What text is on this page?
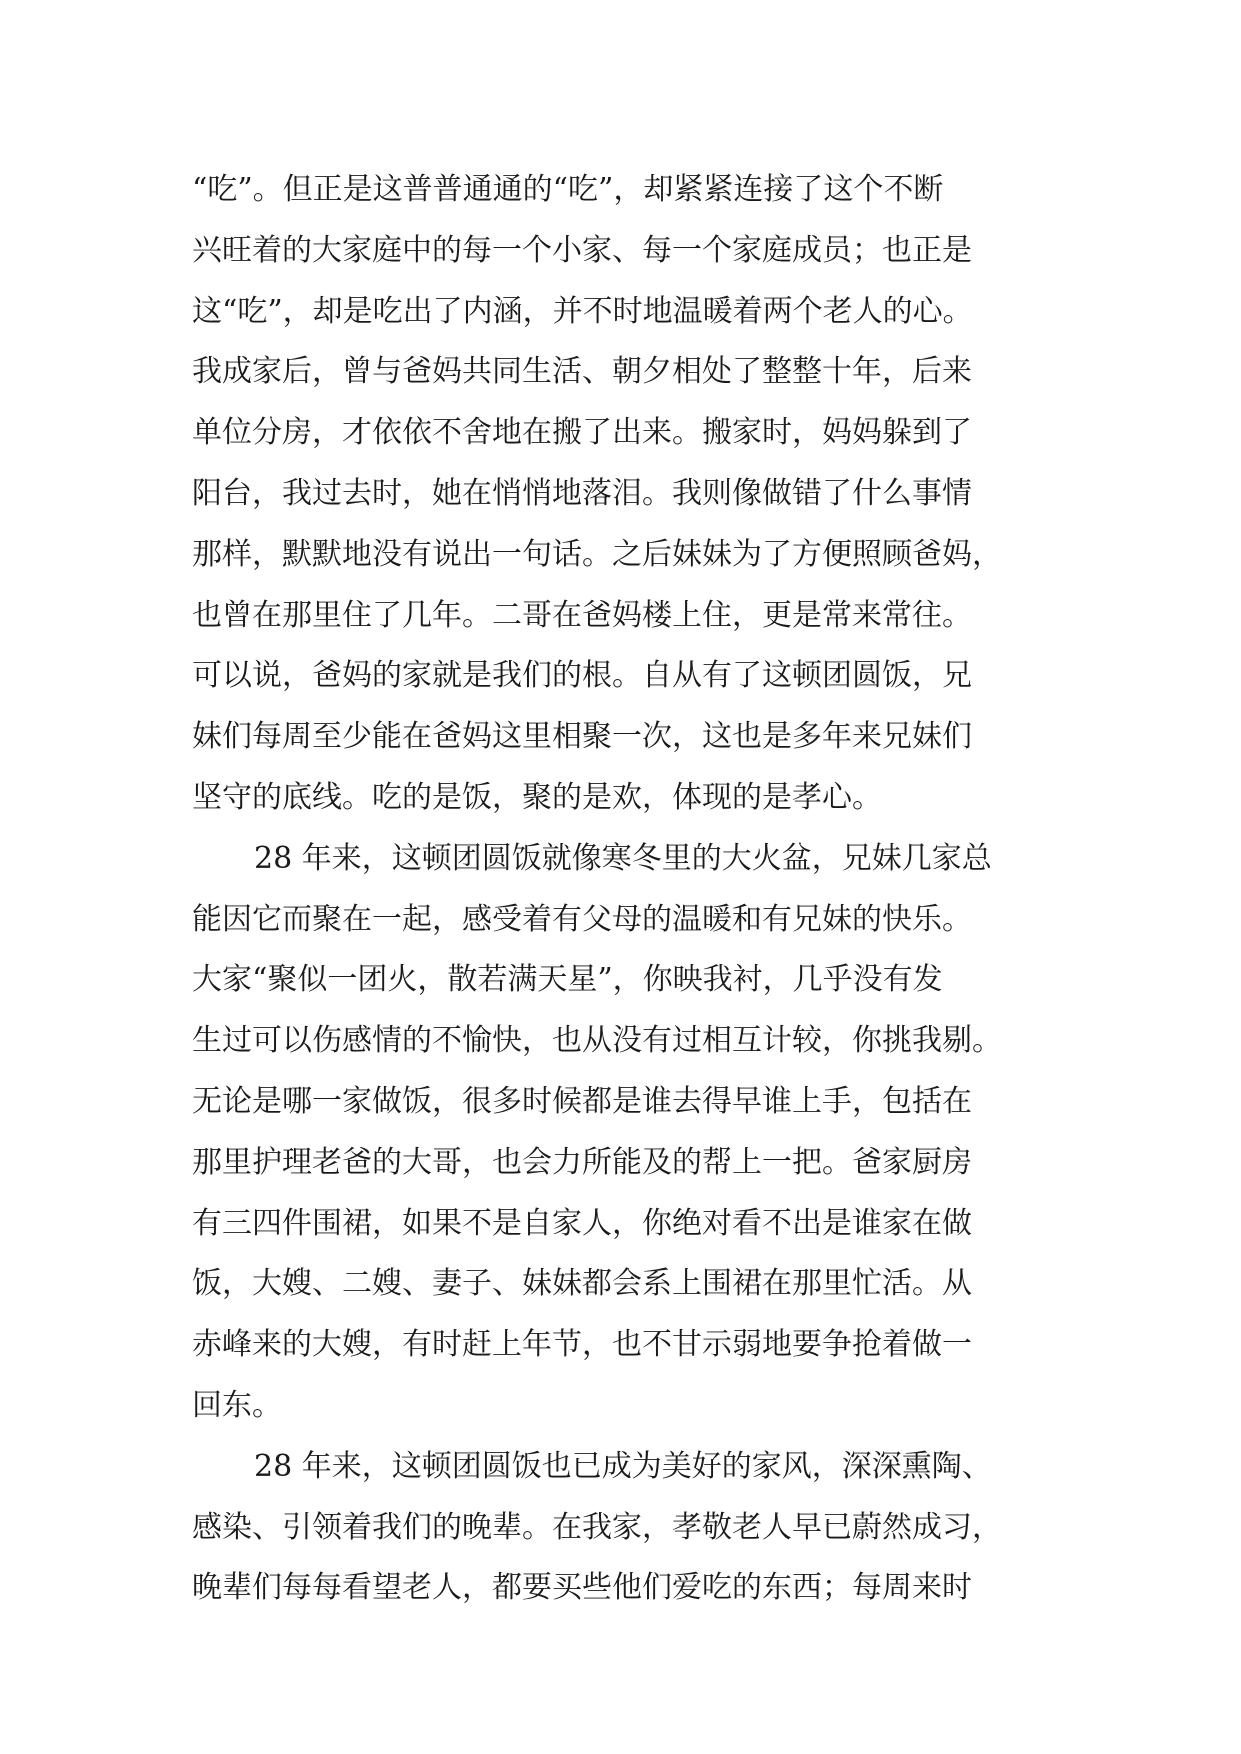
“吃”。但正是这普普通通的“吃”，却紧紧连接了这个不断
兴旺着的大家庭中的每一个小家、每一个家庭成员；也正是
这“吃”，却是吃出了内涵，并不时地温暖着两个老人的心。
我成家后，曾与爸妈共同生活、朝夕相处了整整十年，后来
单位分房，才依依不舍地在搬了出来。搬家时，妈妈躲到了
阳台，我过去时，她在悄悄地落泪。我则像做错了什么事情
那样，默默地没有说出一句话。之后妹妹为了方便照顾爸妈，
也曾在那里住了几年。二哥在爸妈楼上住，更是常来常往。
可以说，爸妈的家就是我们的根。自从有了这顿团圆饭，兄
妹们每周至少能在爸妈这里相聚一次，这也是多年来兄妹们
坚守的底线。吃的是饭，聚的是欢，体现的是孝心。
28 年来，这顿团圆饭就像寒冬里的大火盆，兄妹几家总
能因它而聚在一起，感受着有父母的温暖和有兄妹的快乐。
大家“聚似一团火，散若满天星”，你映我衬，几乎没有发
生过可以伤感情的不愉快，也从没有过相互计较，你挑我剔。
无论是哪一家做饭，很多时候都是谁去得早谁上手，包括在
那里护理老爸的大哥，也会力所能及的帮上一把。爸家厨房
有三四件围裙，如果不是自家人，你绝对看不出是谁家在做
饭，大嫂、二嫂、妻子、妹妹都会系上围裙在那里忙活。从
赤峰来的大嫂，有时赶上年节，也不甘示弱地要争抢着做一
回东。
28 年来，这顿团圆饭也已成为美好的家风，深深熏陶、
感染、引领着我们的晚辈。在我家，孝敬老人早已蔚然成习，
晚辈们每每看望老人，都要买些他们爱吃的东西；每周来时
